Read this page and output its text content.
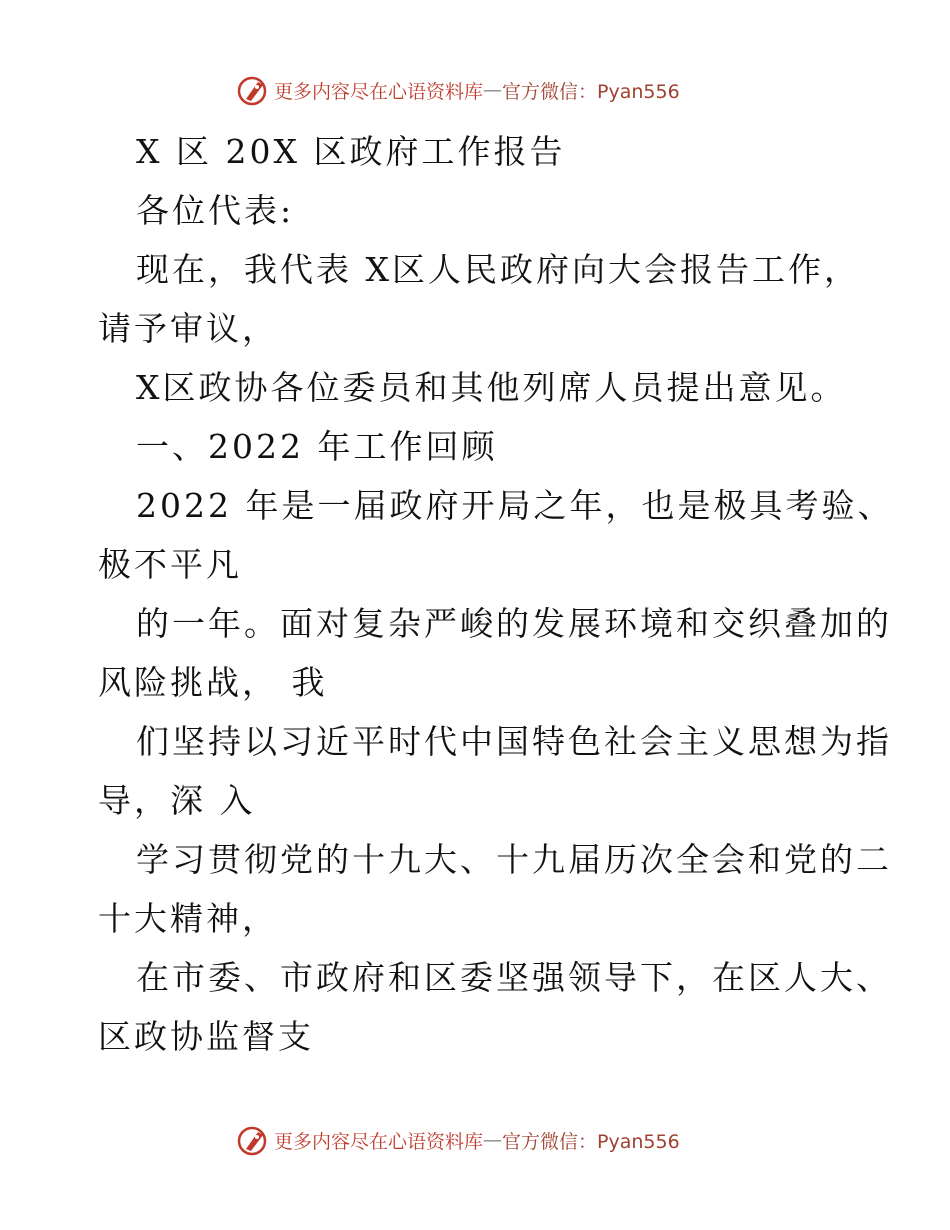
更多内容尽在心语资料库 — 官方微信：Pyan556
X 区 20X 区政府工作报告
各位代表:
现在，我代表 X区人民政府向大会报告工作，
请予审议，
X区政协各位委员和其他列席人员提出意见。
一、2022 年工作回顾
2022 年是一届政府开局之年，也是极具考验、
极不平凡
的一年。面对复杂严峻的发展环境和交织叠加的
风险挑战， 我
们坚持以习近平时代中国特色社会主义思想为指
导，深 入
学习贯彻党的十九大、十九届历次全会和党的二
十大精神，
在市委、市政府和区委坚强领导下，在区人大、
区政协监督支
更多内容尽在心语资料库 — 官方微信：Pyan556
